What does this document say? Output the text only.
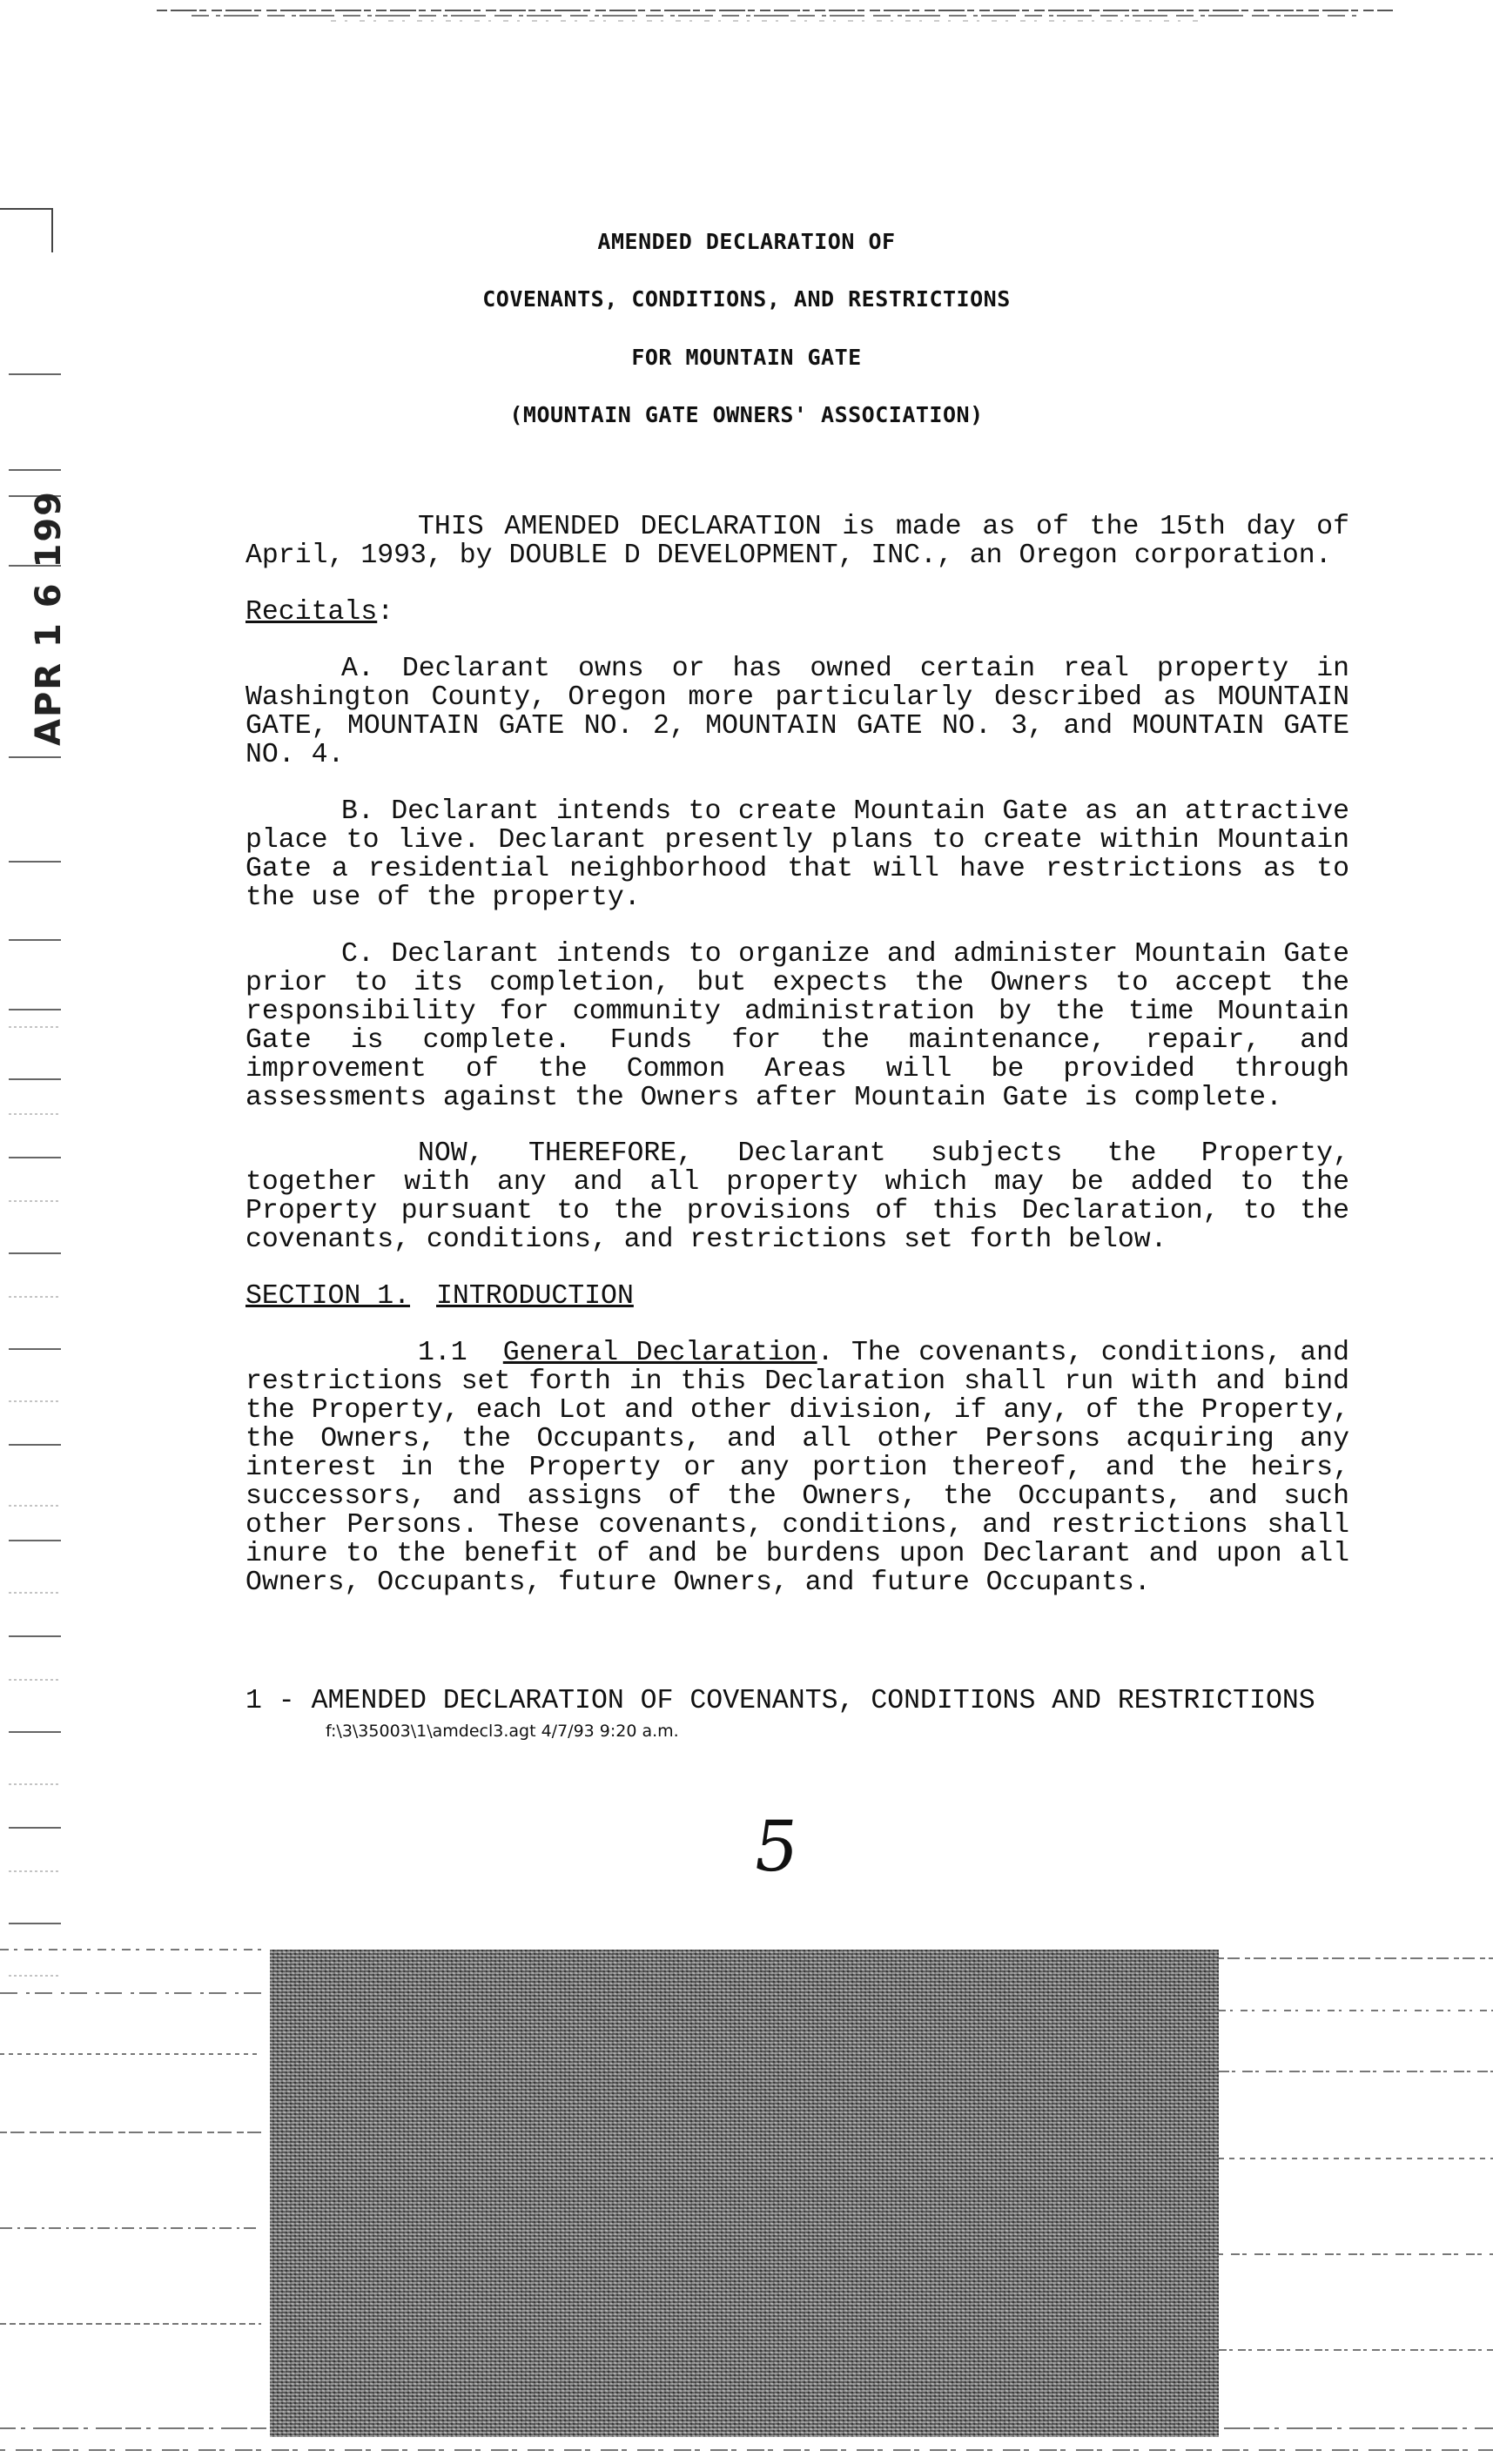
APR 1 6 199
AMENDED DECLARATION OF
COVENANTS, CONDITIONS, AND RESTRICTIONS
FOR MOUNTAIN GATE
(MOUNTAIN GATE OWNERS' ASSOCIATION)
THIS AMENDED DECLARATION is made as of the 15th day of April, 1993, by DOUBLE D DEVELOPMENT, INC., an Oregon corporation.
Recitals:
A. Declarant owns or has owned certain real property in Washington County, Oregon more particularly described as MOUNTAIN GATE, MOUNTAIN GATE NO. 2, MOUNTAIN GATE NO. 3, and MOUNTAIN GATE NO. 4.
B. Declarant intends to create Mountain Gate as an attractive place to live. Declarant presently plans to create within Mountain Gate a residential neighborhood that will have restrictions as to the use of the property.
C. Declarant intends to organize and administer Mountain Gate prior to its completion, but expects the Owners to accept the responsibility for community administration by the time Mountain Gate is complete. Funds for the maintenance, repair, and improvement of the Common Areas will be provided through assessments against the Owners after Mountain Gate is complete.
NOW, THEREFORE, Declarant subjects the Property, together with any and all property which may be added to the Property pursuant to the provisions of this Declaration, to the covenants, conditions, and restrictions set forth below.
SECTION 1. INTRODUCTION
1.1 General Declaration. The covenants, conditions, and restrictions set forth in this Declaration shall run with and bind the Property, each Lot and other division, if any, of the Property, the Owners, the Occupants, and all other Persons acquiring any interest in the Property or any portion thereof, and the heirs, successors, and assigns of the Owners, the Occupants, and such other Persons. These covenants, conditions, and restrictions shall inure to the benefit of and be burdens upon Declarant and upon all Owners, Occupants, future Owners, and future Occupants.
1 - AMENDED DECLARATION OF COVENANTS, CONDITIONS AND RESTRICTIONS
f:\3\35003\1\amdecl3.agt 4/7/93 9:20 a.m.
5
